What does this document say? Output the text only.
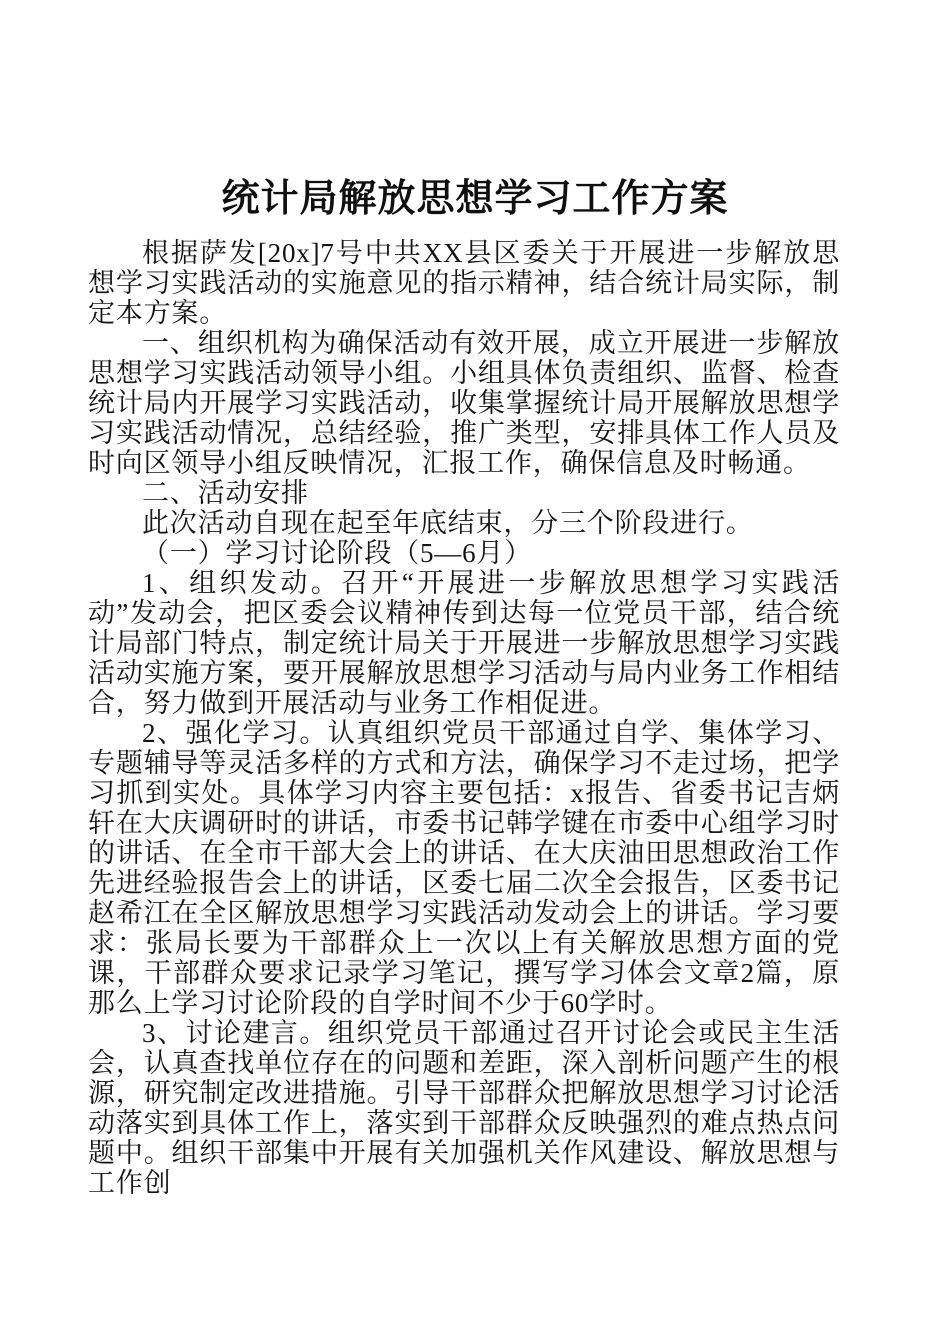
统计局解放思想学习工作方案

根据萨发[20x]7号中共XX县区委关于开展进一步解放思想学习实践活动的实施意见的指示精神，结合统计局实际，制定本方案。

一、组织机构为确保活动有效开展，成立开展进一步解放思想学习实践活动领导小组。小组具体负责组织、监督、检查统计局内开展学习实践活动，收集掌握统计局开展解放思想学习实践活动情况，总结经验，推广类型，安排具体工作人员及时向区领导小组反映情况，汇报工作，确保信息及时畅通。

二、活动安排

此次活动自现在起至年底结束，分三个阶段进行。

（一）学习讨论阶段（5—6月）

1、组织发动。召开“开展进一步解放思想学习实践活动”发动会，把区委会议精神传到达每一位党员干部，结合统计局部门特点，制定统计局关于开展进一步解放思想学习实践活动实施方案，要开展解放思想学习活动与局内业务工作相结合，努力做到开展活动与业务工作相促进。

2、强化学习。认真组织党员干部通过自学、集体学习、专题辅导等灵活多样的方式和方法，确保学习不走过场，把学习抓到实处。具体学习内容主要包括：x报告、省委书记吉炳轩在大庆调研时的讲话，市委书记韩学键在市委中心组学习时的讲话、在全市干部大会上的讲话、在大庆油田思想政治工作先进经验报告会上的讲话，区委七届二次全会报告，区委书记赵希江在全区解放思想学习实践活动发动会上的讲话。学习要求：张局长要为干部群众上一次以上有关解放思想方面的党课，干部群众要求记录学习笔记，撰写学习体会文章2篇，原那么上学习讨论阶段的自学时间不少于60学时。

3、讨论建言。组织党员干部通过召开讨论会或民主生活会，认真查找单位存在的问题和差距，深入剖析问题产生的根源，研究制定改进措施。引导干部群众把解放思想学习讨论活动落实到具体工作上，落实到干部群众反映强烈的难点热点问题中。组织干部集中开展有关加强机关作风建设、解放思想与工作创
